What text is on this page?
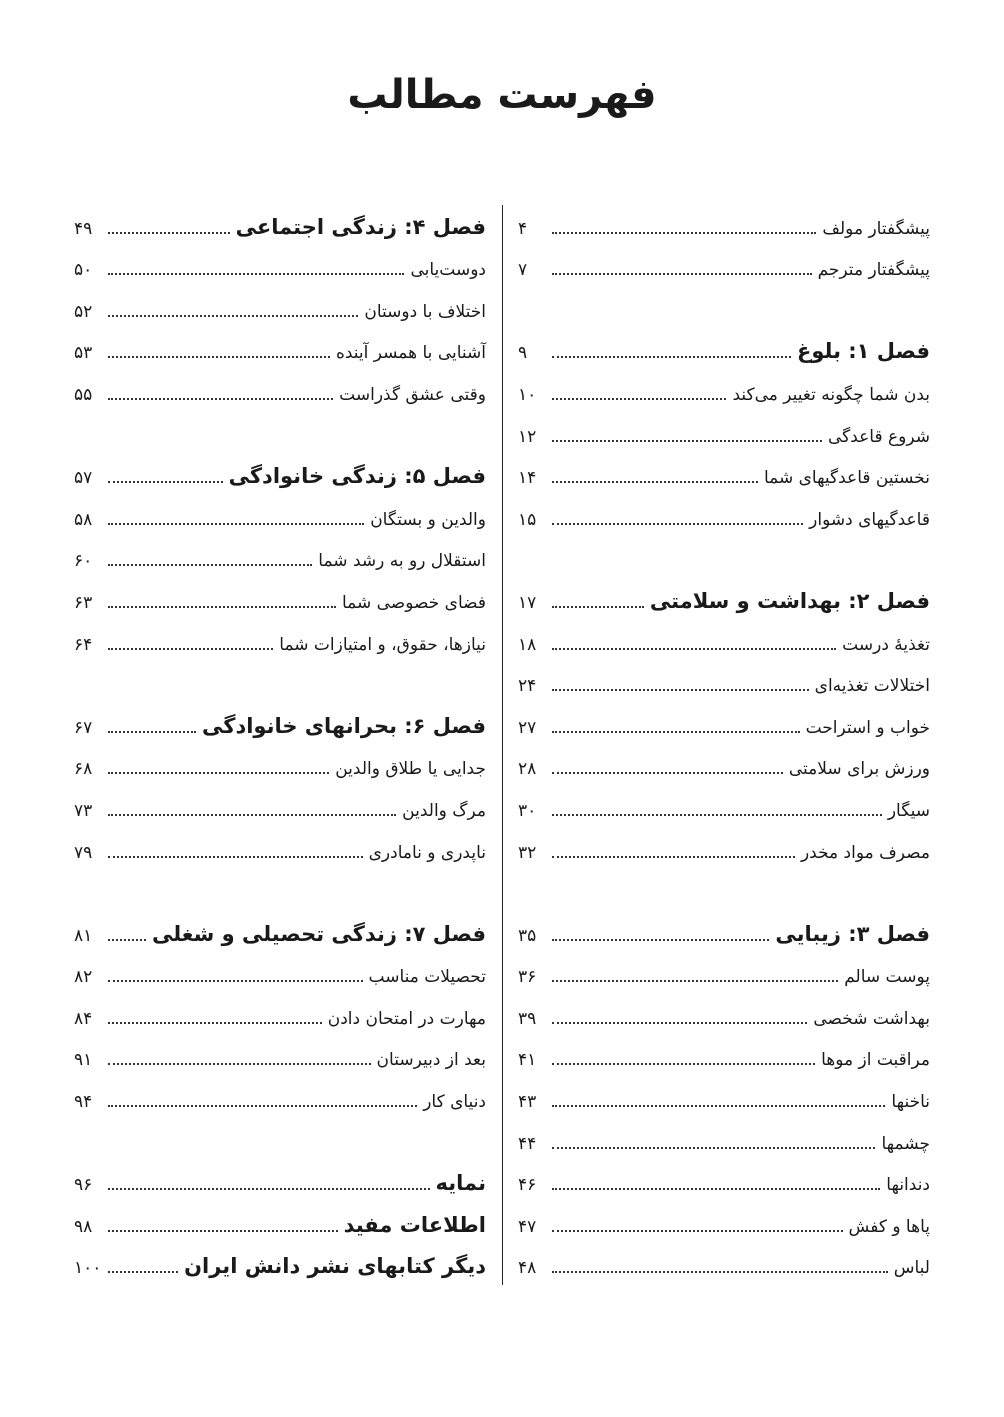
فهرست مطالب
پیشگفتار مولف
۴
پیشگفتار مترجم
۷
فصل ۱: بلوغ
۹
بدن شما چگونه تغییر می‌کند
۱۰
شروع قاعدگی
۱۲
نخستین قاعدگیهای شما
۱۴
قاعدگیهای دشوار
۱۵
فصل ۲: بهداشت و سلامتی
۱۷
تغذیهٔ درست
۱۸
اختلالات تغذیه‌ای
۲۴
خواب و استراحت
۲۷
ورزش برای سلامتی
۲۸
سیگار
۳۰
مصرف مواد مخدر
۳۲
فصل ۳: زیبایی
۳۵
پوست سالم
۳۶
بهداشت شخصی
۳۹
مراقبت از موها
۴۱
ناخنها
۴۳
چشمها
۴۴
دندانها
۴۶
پاها و کفش
۴۷
لباس
۴۸
فصل ۴: زندگی اجتماعی
۴۹
دوست‌یابی
۵۰
اختلاف با دوستان
۵۲
آشنایی با همسر آینده
۵۳
وقتی عشق گذراست
۵۵
فصل ۵: زندگی خانوادگی
۵۷
والدین و بستگان
۵۸
استقلال رو به رشد شما
۶۰
فضای خصوصی شما
۶۳
نیازها، حقوق، و امتیازات شما
۶۴
فصل ۶: بحرانهای خانوادگی
۶۷
جدایی یا طلاق والدین
۶۸
مرگ والدین
۷۳
ناپدری و نامادری
۷۹
فصل ۷: زندگی تحصیلی و شغلی
۸۱
تحصیلات مناسب
۸۲
مهارت در امتحان دادن
۸۴
بعد از دبیرستان
۹۱
دنیای کار
۹۴
نمایه
۹۶
اطلاعات مفید
۹۸
دیگر کتابهای نشر دانش ایران
۱۰۰
